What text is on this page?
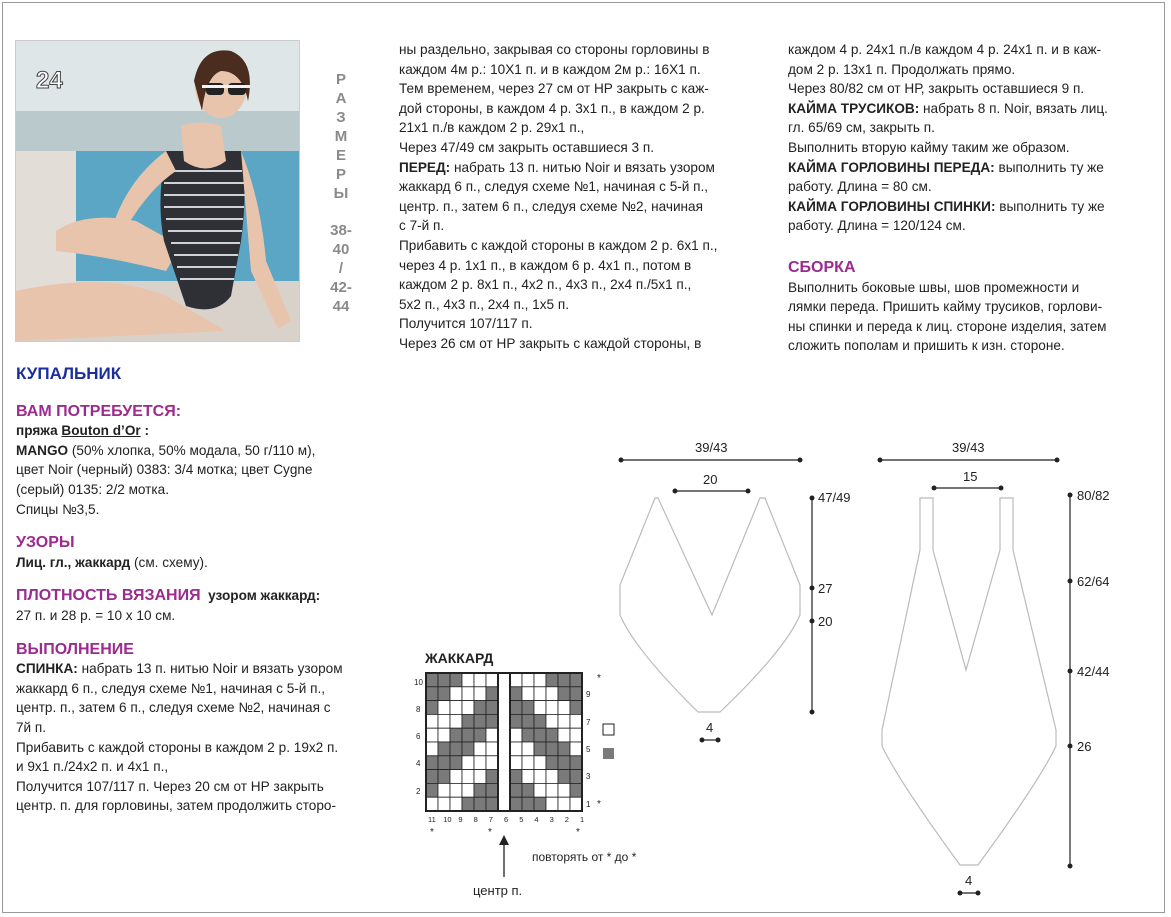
24	Р
А
З
М
Е
Р
Ы
38-
40
/
42-
44

КУПАЛЬНИК

ВАМ ПОТРЕБУЕТСЯ:

пряжа Bouton d’Or :

MANGO (50% хлопка, 50% модала, 50 г/110 м),

цвет Noir (черный) 0383: 3/4 мотка; цвет Cygne

(серый) 0135: 2/2 мотка.

Спицы №3,5.

УЗОРЫ

Лиц. гл., жаккард (см. схему).

ПЛОТНОСТЬ ВЯЗАНИЯ узором жаккард:

27 п. и 28 р. = 10 х 10 см.

ВЫПОЛНЕНИЕ

СПИНКА: набрать 13 п. нитью Noir и вязать узором

жаккард 6 п., следуя схеме №1, начиная с 5-й п.,

центр. п., затем 6 п., следуя схеме №2, начиная с

7й п.

Прибавить с каждой стороны в каждом 2 р. 19x2 п.

и 9x1 п./24x2 п. и 4x1 п.,

Получится 107/117 п. Через 20 см от НР закрыть

центр. п. для горловины, затем продолжить сторо-

ны раздельно, закрывая со стороны горловины в

каждом 4м р.: 10X1 п. и в каждом 2м р.: 16X1 п.

Тем временем, через 27 см от НР закрыть с каж-

дой стороны, в каждом 4 р. 3x1 п., в каждом 2 р.

21x1 п./в каждом 2 р. 29x1 п.,

Через 47/49 см закрыть оставшиеся 3 п.

ПЕРЕД: набрать 13 п. нитью Noir и вязать узором

жаккард 6 п., следуя схеме №1, начиная с 5-й п.,

центр. п., затем 6 п., следуя схеме №2, начиная

с 7-й п.

Прибавить с каждой стороны в каждом 2 р. 6x1 п.,

через 4 р. 1x1 п., в каждом 6 р. 4x1 п., потом в

каждом 2 р. 8x1 п., 4x2 п., 4x3 п., 2x4 п./5x1 п.,

5x2 п., 4x3 п., 2x4 п., 1x5 п.

Получится 107/117 п.

Через 26 см от НР закрыть с каждой стороны, в

каждом 4 р. 24x1 п./в каждом 4 р. 24x1 п. и в каж-

дом 2 р. 13x1 п. Продолжать прямо.

Через 80/82 см от НР, закрыть оставшиеся 9 п.

КАЙМА ТРУСИКОВ: набрать 8 п. Noir, вязать лиц.

гл. 65/69 см, закрыть п.

Выполнить вторую кайму таким же образом.

КАЙМА ГОРЛОВИНЫ ПЕРЕДА: выполнить ту же

работу. Длина = 80 см.

КАЙМА ГОРЛОВИНЫ СПИНКИ: выполнить ту же

работу. Длина = 120/124 см.

СБОРКА

Выполнить боковые швы, шов промежности и

лямки переда. Пришить кайму трусиков, горлови-

ны спинки и переда к лиц. стороне изделия, затем

сложить пополам и пришить к изн. стороне.

ЖАККАРД
10
8
6
4
2
*
9
7
5
3
1 *
11 10 9 8 7 6 5 4 3 2 1
*	*	*
повторять от * до *
центр п.
39/43
20
47/49
27
20
4
39/43
15
80/82
62/64
42/44
26
4
